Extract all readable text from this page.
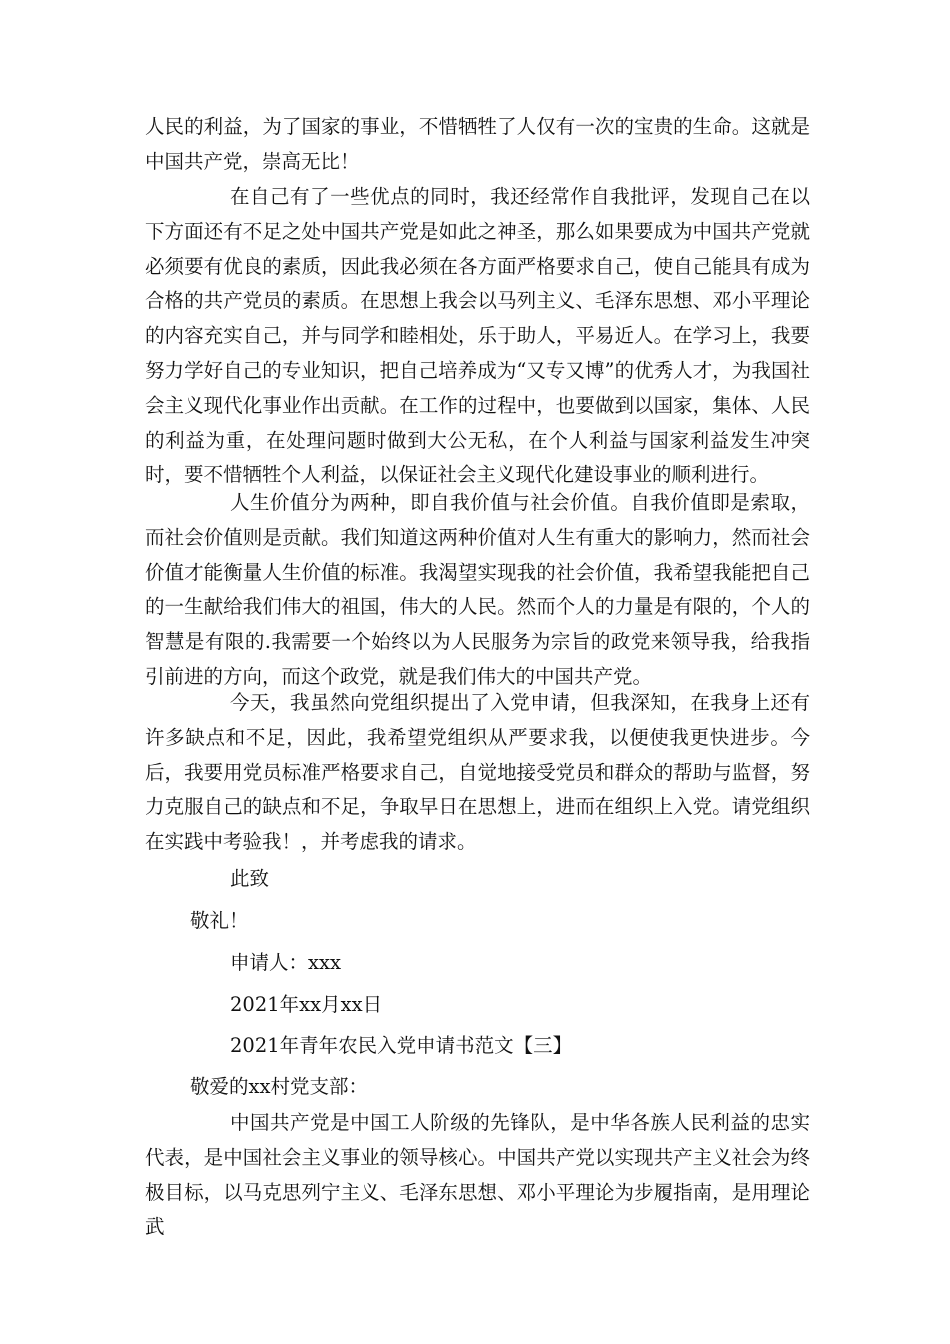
人民的利益，为了国家的事业，不惜牺牲了人仅有一次的宝贵的生命。这就是中国共产党，崇高无比！

在自己有了一些优点的同时，我还经常作自我批评，发现自己在以下方面还有不足之处中国共产党是如此之神圣，那么如果要成为中国共产党就必须要有优良的素质，因此我必须在各方面严格要求自己，使自己能具有成为合格的共产党员的素质。在思想上我会以马列主义、毛泽东思想、邓小平理论的内容充实自己，并与同学和睦相处，乐于助人，平易近人。在学习上，我要努力学好自己的专业知识，把自己培养成为“又专又博”的优秀人才，为我国社会主义现代化事业作出贡献。在工作的过程中，也要做到以国家，集体、人民的利益为重，在处理问题时做到大公无私，在个人利益与国家利益发生冲突时，要不惜牺牲个人利益，以保证社会主义现代化建设事业的顺利进行。

人生价值分为两种，即自我价值与社会价值。自我价值即是索取，而社会价值则是贡献。我们知道这两种价值对人生有重大的影响力，然而社会价值才能衡量人生价值的标准。我渴望实现我的社会价值，我希望我能把自己的一生献给我们伟大的祖国，伟大的人民。然而个人的力量是有限的，个人的智慧是有限的.我需要一个始终以为人民服务为宗旨的政党来领导我，给我指引前进的方向，而这个政党，就是我们伟大的中国共产党。

今天，我虽然向党组织提出了入党申请，但我深知，在我身上还有许多缺点和不足，因此，我希望党组织从严要求我，以便使我更快进步。今后，我要用党员标准严格要求自己，自觉地接受党员和群众的帮助与监督，努力克服自己的缺点和不足，争取早日在思想上，进而在组织上入党。请党组织在实践中考验我！，并考虑我的请求。

此致

敬礼！

申请人：xxx

2021年xx月xx日

2021年青年农民入党申请书范文【三】

敬爱的xx村党支部：

中国共产党是中国工人阶级的先锋队，是中华各族人民利益的忠实代表，是中国社会主义事业的领导核心。中国共产党以实现共产主义社会为终极目标，以马克思列宁主义、毛泽东思想、邓小平理论为步履指南，是用理论武
